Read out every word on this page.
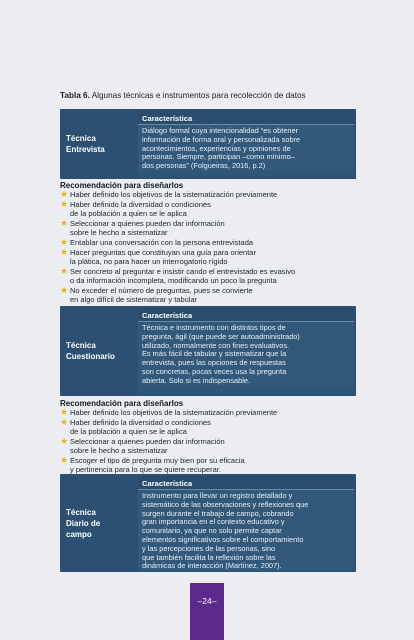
Tabla 6. Algunas técnicas e instrumentos para recolección de datos
Técnica
Entrevista
Característica
Diálogo formal cuya intencionalidad “es obtener
información de forma oral y personalizada sobre
acontecimientos, experiencias y opiniones de
personas. Siempre, participan –como mínimo–
dos personas” (Folgueiras, 2016, p.2)
Recomendación para diseñarlos
★ Haber definido los objetivos de la sistematización previamente
★ Haber definido la diversidad o condiciones
de la población a quien se le aplica
★ Seleccionar a quienes pueden dar información
sobre le hecho a sistematizar
★ Entablar una conversación con la persona entrevistada
★ Hacer preguntas que constituyan una guía para orientar
la plática, no para hacer un interrogatorio rígido
★ Ser concreto al preguntar e insistir cando el entrevistado es evasivo
o da información incompleta, modificando un poco la pregunta
★ No exceder el número de preguntas, pues se convierte
en algo difícil de sistematizar y tabular
Técnica
Cuestionario
Característica
Técnica e instrumento con distintos tipos de
pregunta, ágil (que puede ser autoadministrado)
utilizado, normalmente con fines evaluativos.
Es más fácil de tabular y sistematizar que la
entrevista, pues las opciones de respuestas
son concretas, pocas veces usa la pregunta
abierta. Solo si es indispensable.
Recomendación para diseñarlos
★ Haber definido los objetivos de la sistematización previamente
★ Haber definido la diversidad o condiciones
de la población a quien se le aplica
★ Seleccionar a quienes pueden dar información
sobre le hecho a sistematizar
★ Escoger el tipo de pregunta muy bien por su eficacia
y pertinencia para lo que se quiere recuperar.
Técnica
Diario de
campo
Característica
Instrumento para llevar un registro detallado y
sistemático de las observaciones y reflexiones que
surgen durante el trabajo de campo, cobrando
gran importancia en el contexto educativo y
comunitario, ya que no solo permite captar
elementos significativos sobre el comportamiento
y las percepciones de las personas, sino
que también facilita la reflexión sobre las
dinámicas de interacción (Martínez, 2007).
–24–
